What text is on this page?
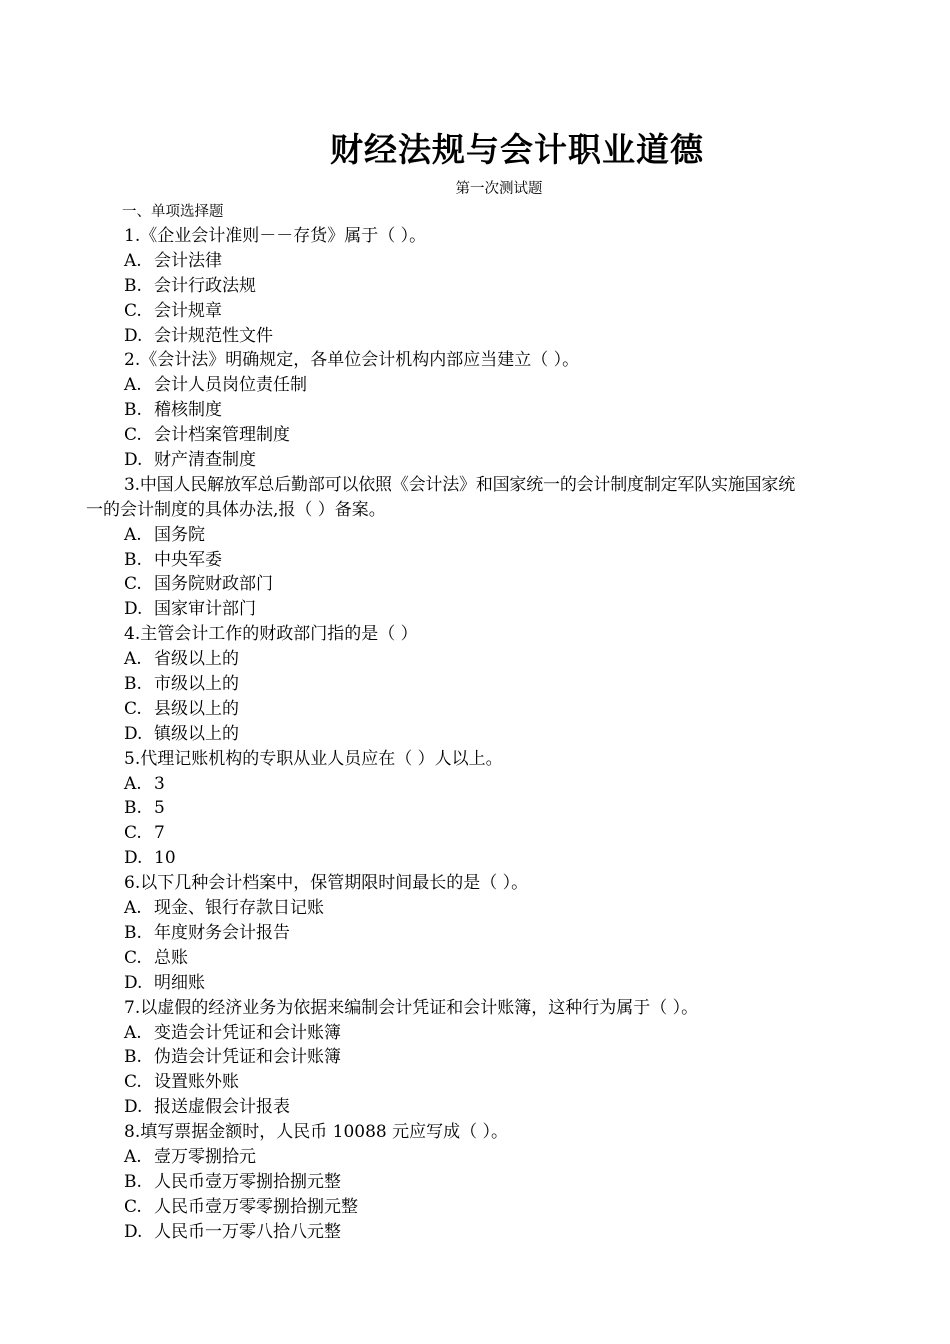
财经法规与会计职业道德
第一次测试题
一、单项选择题
1.《企业会计准则－－存货》属于（ ）。
A. 会计法律
B. 会计行政法规
C. 会计规章
D. 会计规范性文件
2.《会计法》明确规定，各单位会计机构内部应当建立（ ）。
A. 会计人员岗位责任制
B. 稽核制度
C. 会计档案管理制度
D. 财产清查制度
3.中国人民解放军总后勤部可以依照《会计法》和国家统一的会计制度制定军队实施国家统
一的会计制度的具体办法,报（ ）备案。
A. 国务院
B. 中央军委
C. 国务院财政部门
D. 国家审计部门
4.主管会计工作的财政部门指的是（ ）
A. 省级以上的
B. 市级以上的
C. 县级以上的
D. 镇级以上的
5.代理记账机构的专职从业人员应在（ ）人以上。
A. 3
B. 5
C. 7
D. 10
6.以下几种会计档案中，保管期限时间最长的是（ ）。
A. 现金、银行存款日记账
B. 年度财务会计报告
C. 总账
D. 明细账
7.以虚假的经济业务为依据来编制会计凭证和会计账簿，这种行为属于（ ）。
A. 变造会计凭证和会计账簿
B. 伪造会计凭证和会计账簿
C. 设置账外账
D. 报送虚假会计报表
8.填写票据金额时，人民币 10088 元应写成（ ）。
A. 壹万零捌拾元
B. 人民币壹万零捌拾捌元整
C. 人民币壹万零零捌拾捌元整
D. 人民币一万零八拾八元整
